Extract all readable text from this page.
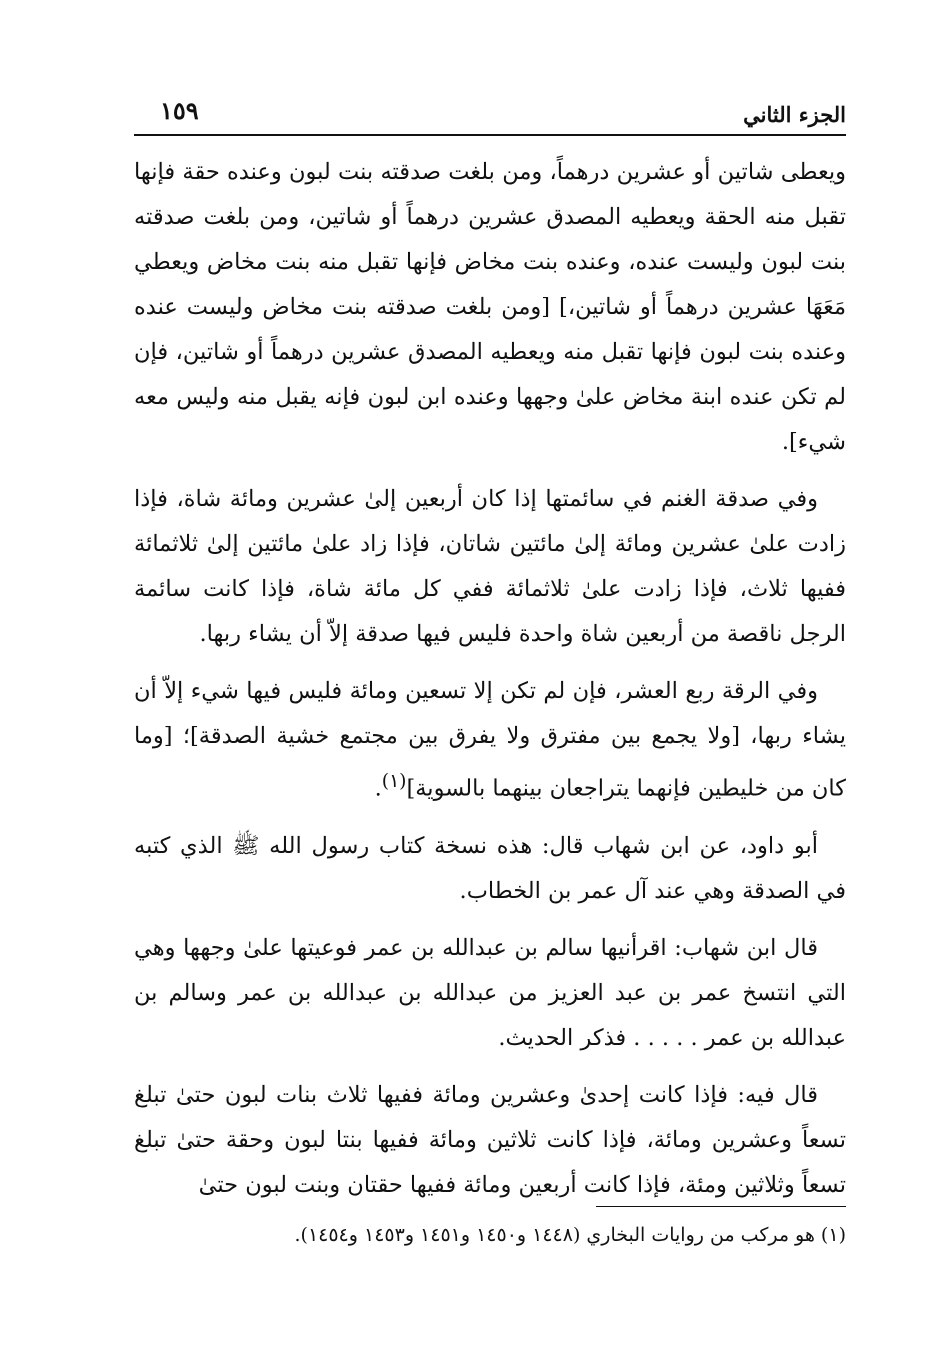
الجزء الثاني
١٥٩

ويعطى شاتين أو عشرين درهماً، ومن بلغت صدقته بنت لبون وعنده حقة فإنها تقبل منه الحقة ويعطيه المصدق عشرين درهماً أو شاتين، ومن بلغت صدقته بنت لبون وليست عنده، وعنده بنت مخاض فإنها تقبل منه بنت مخاض ويعطي مَعَهَا عشرين درهماً أو شاتين،] [ومن بلغت صدقته بنت مخاض وليست عنده وعنده بنت لبون فإنها تقبل منه ويعطيه المصدق عشرين درهماً أو شاتين، فإن لم تكن عنده ابنة مخاض علىٰ وجهها وعنده ابن لبون فإنه يقبل منه وليس معه شيء].

وفي صدقة الغنم في سائمتها إذا كان أربعين إلىٰ عشرين ومائة شاة، فإذا زادت علىٰ عشرين ومائة إلىٰ مائتين شاتان، فإذا زاد علىٰ مائتين إلىٰ ثلاثمائة ففيها ثلاث، فإذا زادت علىٰ ثلاثمائة ففي كل مائة شاة، فإذا كانت سائمة الرجل ناقصة من أربعين شاة واحدة فليس فيها صدقة إلاّ أن يشاء ربها.

وفي الرقة ربع العشر، فإن لم تكن إلا تسعين ومائة فليس فيها شيء إلاّ أن يشاء ربها، [ولا يجمع بين مفترق ولا يفرق بين مجتمع خشية الصدقة]؛ [وما كان من خليطين فإنهما يتراجعان بينهما بالسوية]$^{(١)}$.

أبو داود، عن ابن شهاب قال: هذه نسخة كتاب رسول الله ﷺ الذي كتبه في الصدقة وهي عند آل عمر بن الخطاب.

قال ابن شهاب: اقرأنيها سالم بن عبدالله بن عمر فوعيتها علىٰ وجهها وهي التي انتسخ عمر بن عبد العزيز من عبدالله بن عبدالله بن عمر وسالم بن عبدالله بن عمر . . . . . فذكر الحديث.

قال فيه: فإذا كانت إحدىٰ وعشرين ومائة ففيها ثلاث بنات لبون حتىٰ تبلغ تسعاً وعشرين ومائة، فإذا كانت ثلاثين ومائة ففيها بنتا لبون وحقة حتىٰ تبلغ تسعاً وثلاثين ومئة، فإذا كانت أربعين ومائة ففيها حقتان وبنت لبون حتىٰ

(١) هو مركب من روايات البخاري (١٤٤٨ و١٤٥٠ و١٤٥١ و١٤٥٣ و١٤٥٤).
